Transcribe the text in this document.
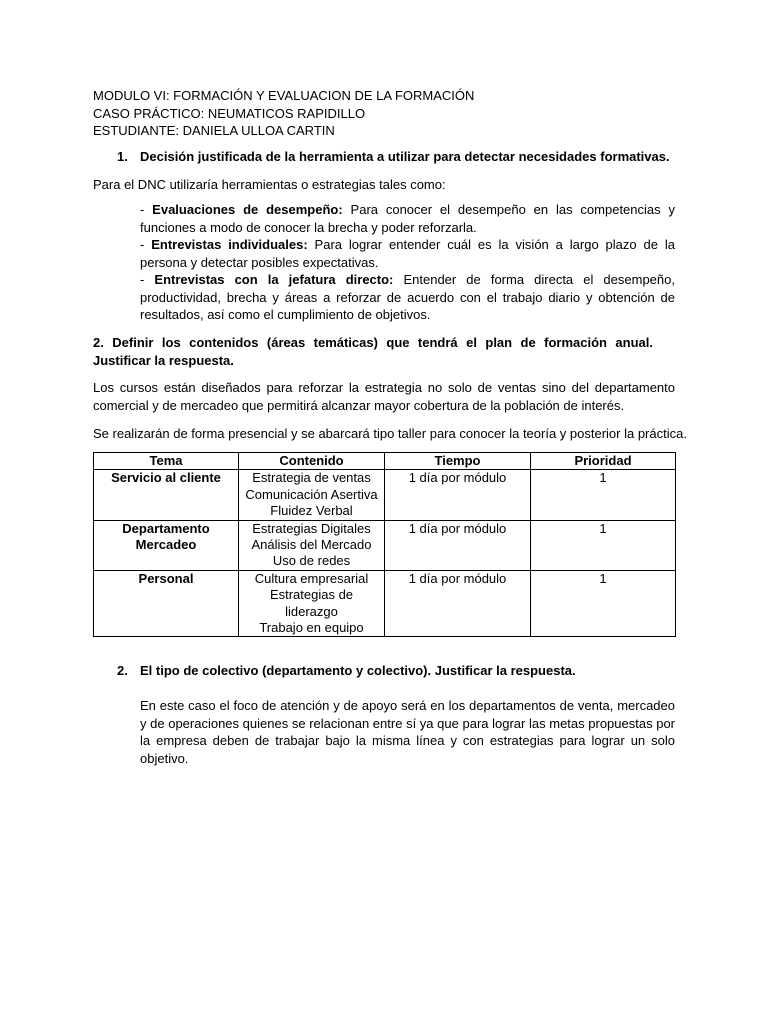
MODULO VI: FORMACIÓN Y EVALUACION DE LA FORMACIÓN
CASO PRÁCTICO: NEUMATICOS RAPIDILLO
ESTUDIANTE: DANIELA ULLOA CARTIN
1. Decisión justificada de la herramienta a utilizar para detectar necesidades formativas.
Para el DNC utilizaría herramientas o estrategias tales como:
- Evaluaciones de desempeño: Para conocer el desempeño en las competencias y funciones a modo de conocer la brecha y poder reforzarla.
- Entrevistas individuales: Para lograr entender cuál es la visión a largo plazo de la persona y detectar posibles expectativas.
- Entrevistas con la jefatura directo: Entender de forma directa el desempeño, productividad, brecha y áreas a reforzar de acuerdo con el trabajo diario y obtención de resultados, así como el cumplimiento de objetivos.
2. Definir los contenidos (áreas temáticas) que tendrá el plan de formación anual. Justificar la respuesta.
Los cursos están diseñados para reforzar la estrategia no solo de ventas sino del departamento comercial y de mercadeo que permitirá alcanzar mayor cobertura de la población de interés.
Se realizarán de forma presencial y se abarcará tipo taller para conocer la teoría y posterior la práctica.
Tema	Contenido	Tiempo	Prioridad

Servicio al cliente	Estrategia de ventas
Comunicación Asertiva
Fluidez Verbal	1 día por módulo	1

Departamento
Mercadeo	Estrategias Digitales
Análisis del Mercado
Uso de redes	1 día por módulo	1

Personal	Cultura empresarial
Estrategias de
liderazgo
Trabajo en equipo	1 día por módulo	1
2. El tipo de colectivo (departamento y colectivo). Justificar la respuesta.
En este caso el foco de atención y de apoyo será en los departamentos de venta, mercadeo y de operaciones quienes se relacionan entre sí ya que para lograr las metas propuestas por la empresa deben de trabajar bajo la misma línea y con estrategias para lograr un solo objetivo.
